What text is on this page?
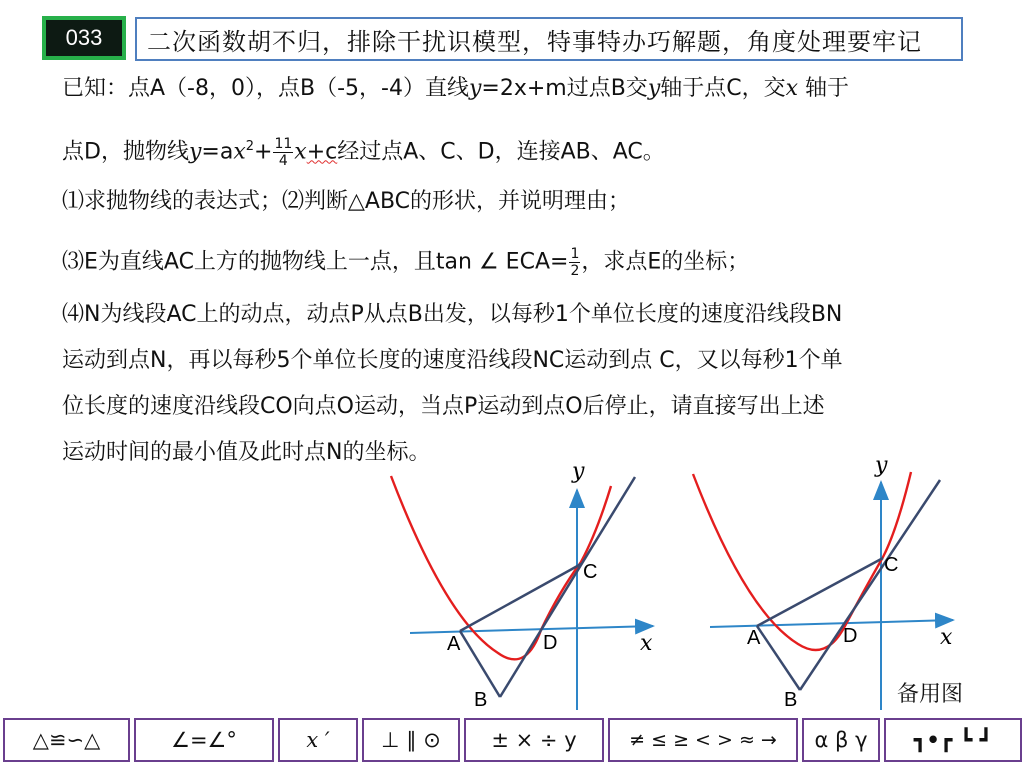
033 二次函数胡不归，排除干扰识模型，特事特办巧解题，角度处理要牢记
已知：点A（-8，0），点B（-5，-4）直线y=2x+m过点B交y轴于点C，交x 轴于
点D，抛物线$y=ax^2+ \frac{11}{4} x+c$经过点A、C、D，连接AB、AC。
⑴求抛物线的表达式；⑵判断△ABC的形状，并说明理由；
⑶E为直线AC上方的抛物线上一点，且tan ∠ $ECA= \frac{1}{2}$ ，求点E的坐标；
⑷N为线段AC上的动点，动点P从点B出发，以每秒1个单位长度的速度沿线段BN
运动到点N，再以每秒5个单位长度的速度沿线段NC运动到点 C，又以每秒1个单
位长度的速度沿线段CO向点O运动，当点P运动到点O后停止，请直接写出上述
运动时间的最小值及此时点N的坐标。
y
x
A	D
C
B
y
x
A	D
C
B	备用图
△≌∽△	∠=∠°	x ′	⊥ ∥ ⊙	± × ÷ y	≠ ≤ ≥ < > ≈ →	α β γ	┓•┏ ┗ ┛
